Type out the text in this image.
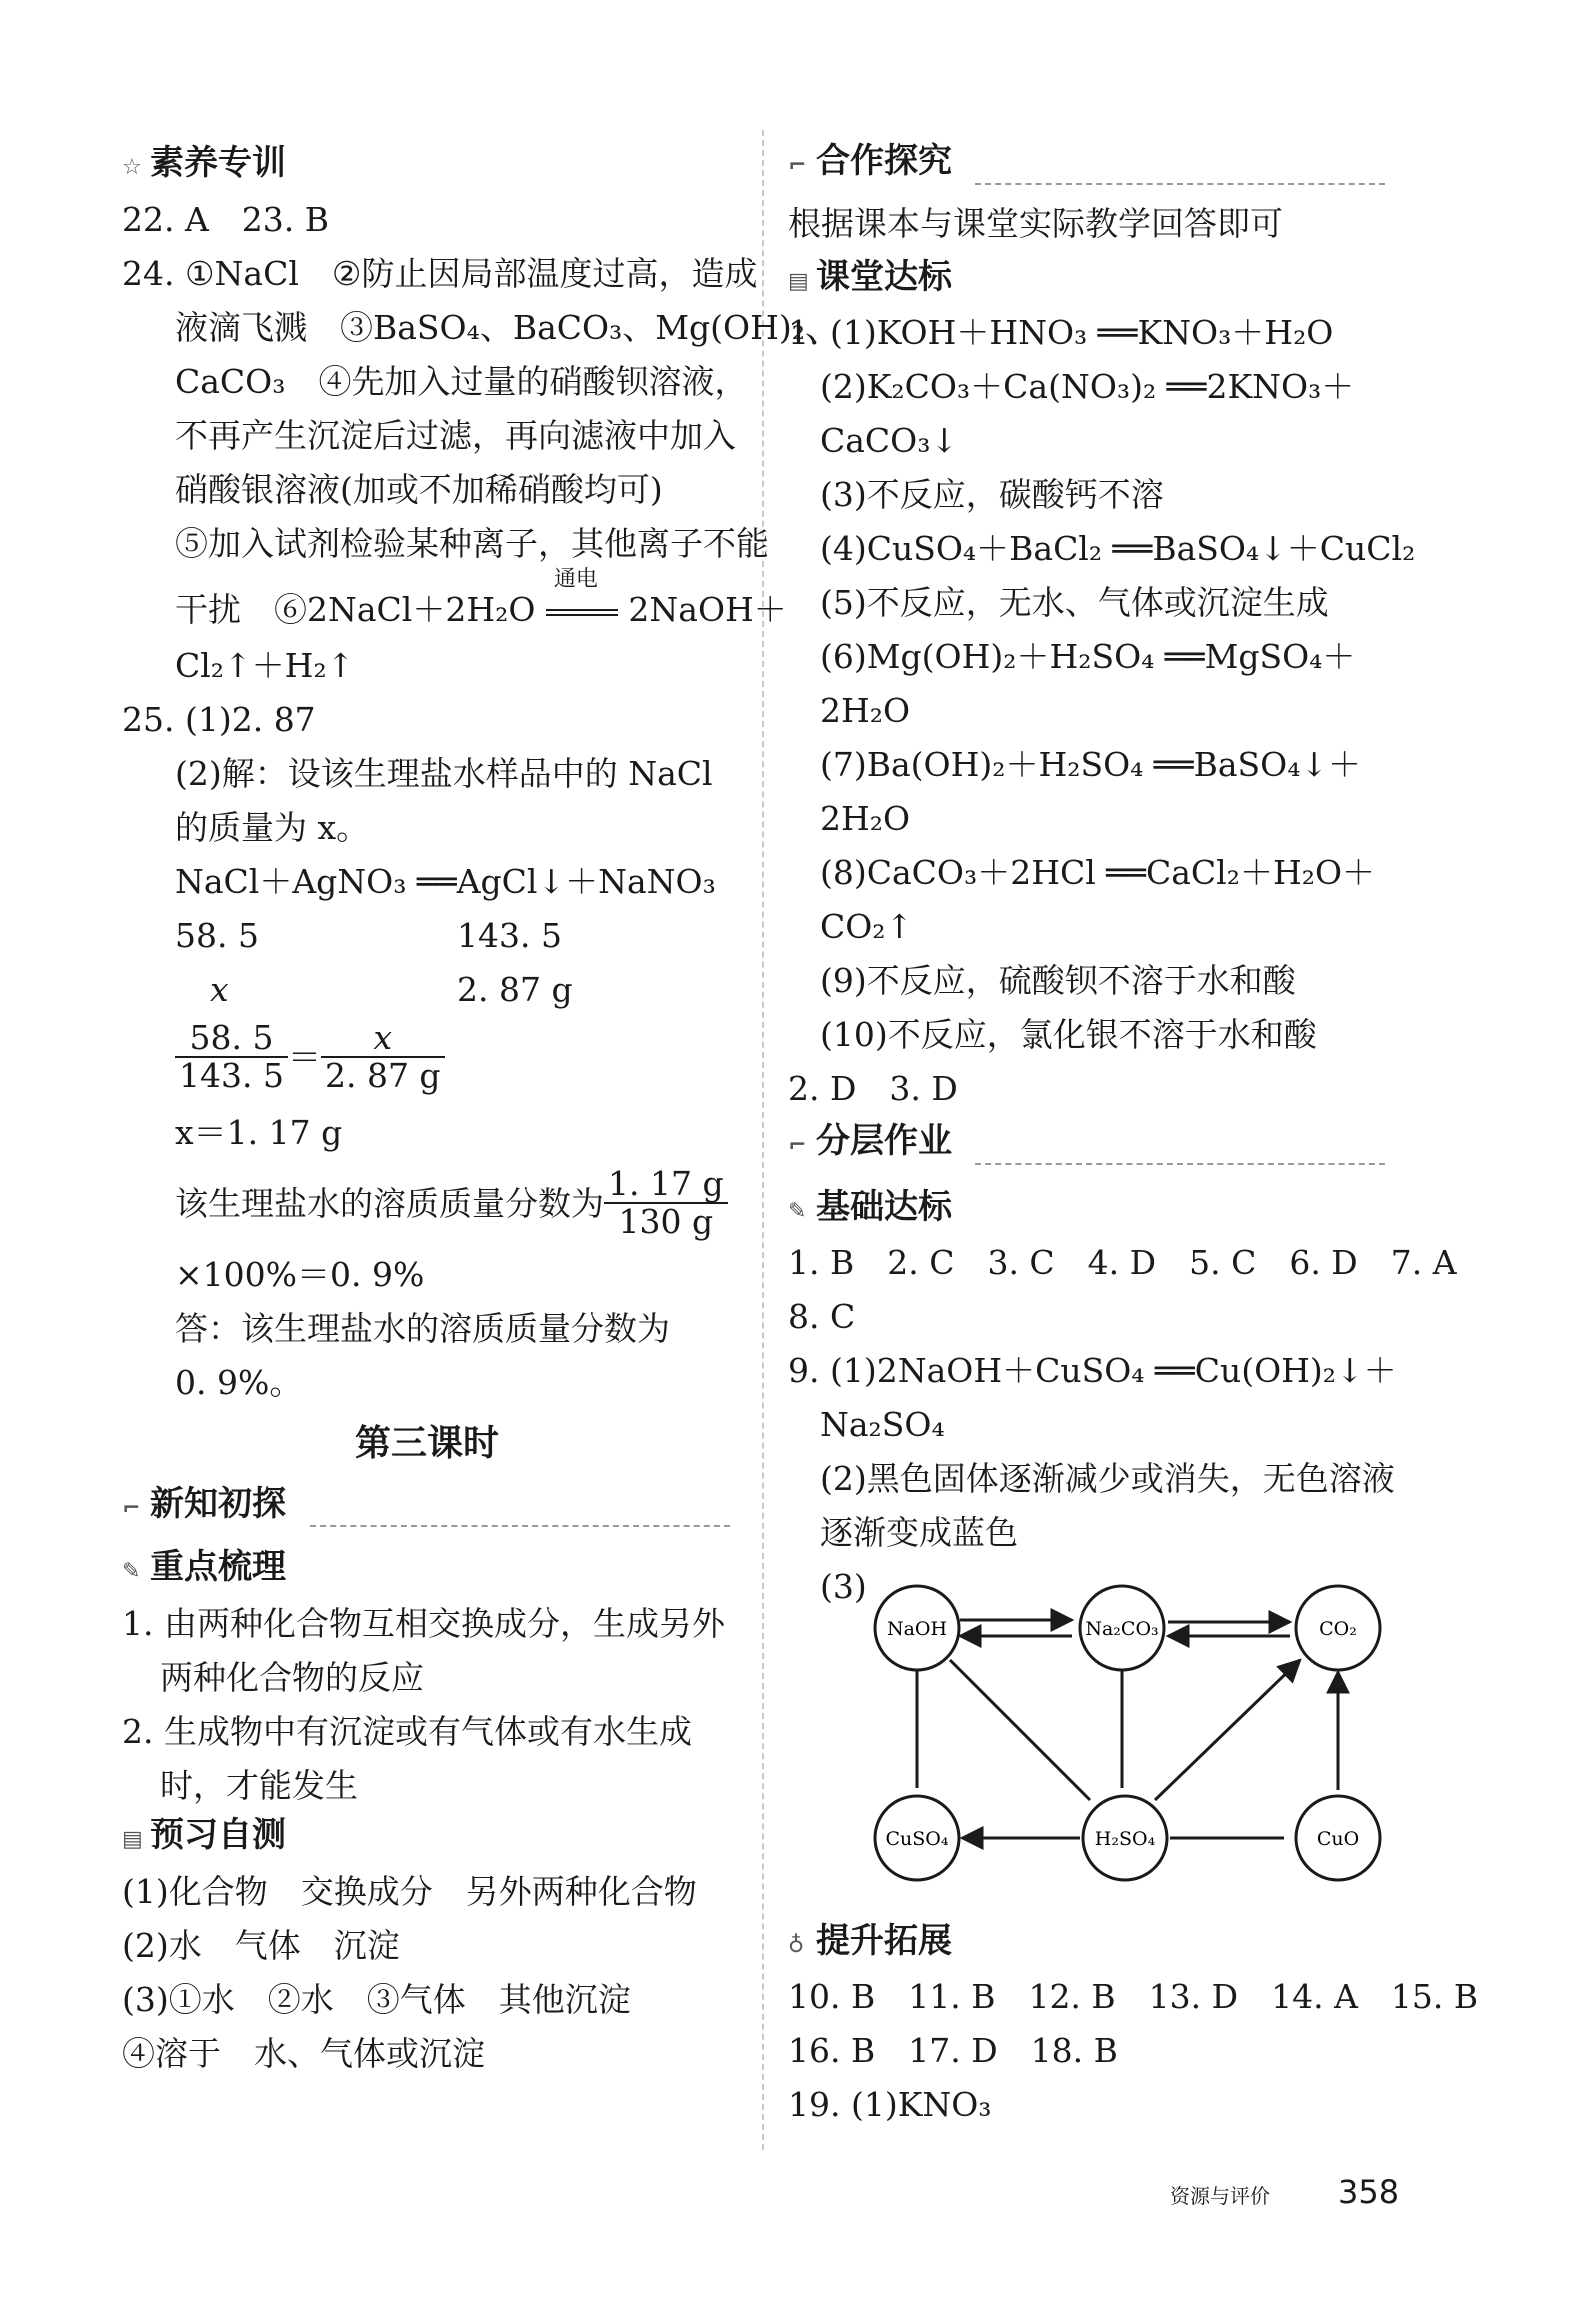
☆ 素养专训
22. A　23. B
24. ①NaCl　②防止因局部温度过高，造成
液滴飞溅　③BaSO₄、BaCO₃、Mg(OH)₂、
CaCO₃　④先加入过量的硝酸钡溶液，
不再产生沉淀后过滤，再向滤液中加入
硝酸银溶液(加或不加稀硝酸均可)
⑤加入试剂检验某种离子，其他离子不能
干扰　⑥2NaCl＋2H₂O
通电
2NaOH＋
Cl₂↑＋H₂↑
25. (1)2. 87
(2)解：设该生理盐水样品中的 NaCl
的质量为 x。
NaCl＋AgNO₃ ══AgCl↓＋NaNO₃
58. 5	143. 5
x	2. 87 g
$\frac{58. 5}{143. 5} = \frac{x}{2. 87 g}$
x＝1. 17 g
该生理盐水的溶质质量分数为 $\frac{1. 17 g}{130 g}$
×100%＝0. 9%
答：该生理盐水的溶质质量分数为
0. 9%。
第三课时
⌐ 新知初探
✎ 重点梳理
1. 由两种化合物互相交换成分，生成另外
两种化合物的反应
2. 生成物中有沉淀或有气体或有水生成
时，才能发生
▤ 预习自测
(1)化合物　交换成分　另外两种化合物
(2)水　气体　沉淀
(3)①水　②水　③气体　其他沉淀
④溶于　水、气体或沉淀
⌐ 合作探究
根据课本与课堂实际教学回答即可
▤ 课堂达标
1. (1)KOH＋HNO₃ ══KNO₃＋H₂O
(2)K₂CO₃＋Ca(NO₃)₂ ══2KNO₃＋
CaCO₃↓
(3)不反应，碳酸钙不溶
(4)CuSO₄＋BaCl₂ ══BaSO₄↓＋CuCl₂
(5)不反应，无水、气体或沉淀生成
(6)Mg(OH)₂＋H₂SO₄ ══MgSO₄＋
2H₂O
(7)Ba(OH)₂＋H₂SO₄ ══BaSO₄↓＋
2H₂O
(8)CaCO₃＋2HCl ══CaCl₂＋H₂O＋
CO₂↑
(9)不反应，硫酸钡不溶于水和酸
(10)不反应，氯化银不溶于水和酸
2. D　3. D
⌐ 分层作业
✎ 基础达标
1. B　2. C　3. C　4. D　5. C　6. D　7. A
8. C
9. (1)2NaOH＋CuSO₄ ══Cu(OH)₂↓＋
Na₂SO₄
(2)黑色固体逐渐减少或消失，无色溶液
逐渐变成蓝色
(3)
NaOH	Na₂CO₃	CO₂
CuSO₄	H₂SO₄	CuO
♁ 提升拓展
10. B　11. B　12. B　13. D　14. A　15. B
16. B　17. D　18. B
19. (1)KNO₃
资源与评价 358
